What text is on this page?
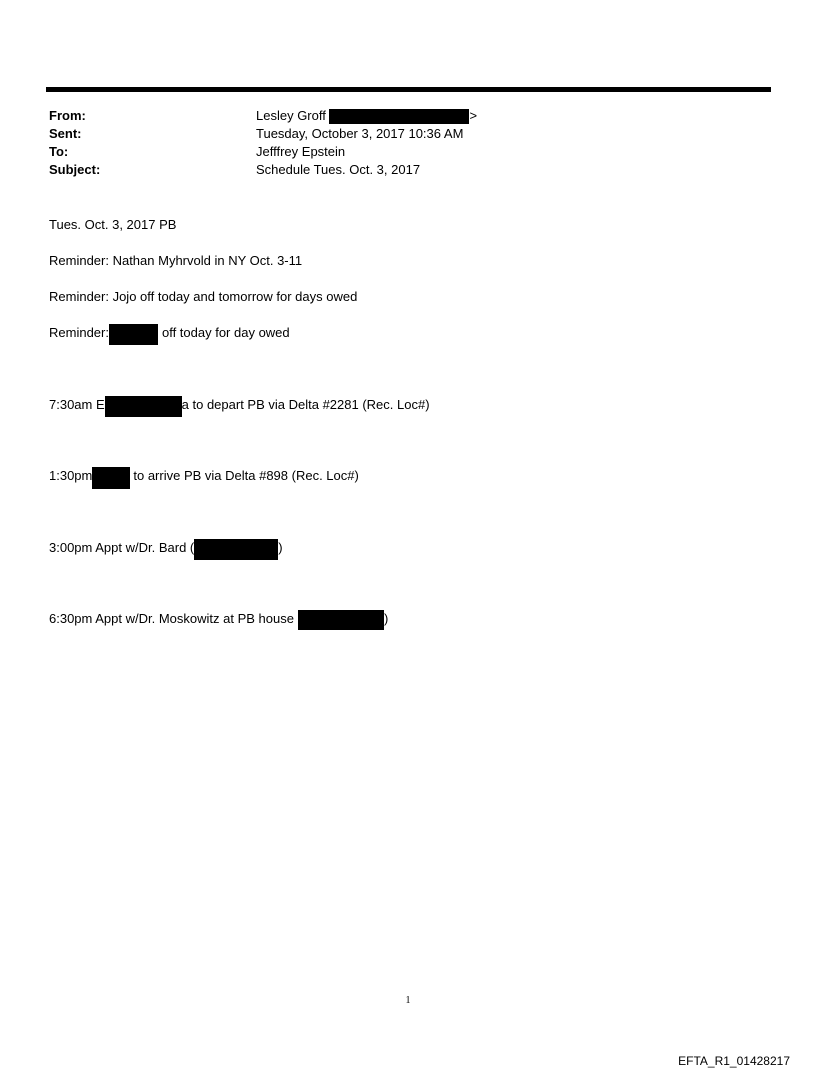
From:	Lesley Groff	>
Sent:	Tuesday, October 3, 2017 10:36 AM
To:	Jefffrey Epstein
Subject:	Schedule Tues. Oct. 3, 2017
Tues. Oct. 3, 2017 PB
Reminder: Nathan Myhrvold in NY Oct. 3-11
Reminder: Jojo off today and tomorrow for days owed
Reminder:	off today for day owed
7:30am E	a to depart PB via Delta #2281 (Rec. Loc#)
1:30pm	to arrive PB via Delta #898 (Rec. Loc#)
3:00pm Appt w/Dr. Bard (	)
6:30pm Appt w/Dr. Moskowitz at PB house	)
1
EFTA_R1_01428217
